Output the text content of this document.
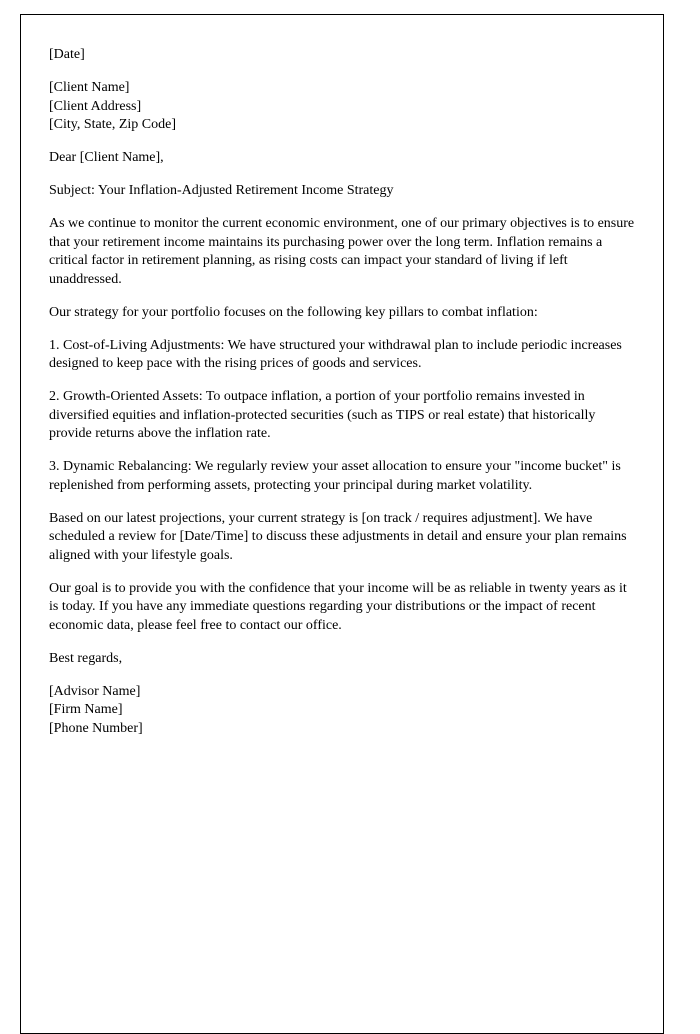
[Date]

[Client Name]

[Client Address]

[City, State, Zip Code]

Dear [Client Name],

Subject: Your Inflation-Adjusted Retirement Income Strategy

As we continue to monitor the current economic environment, one of our primary objectives is to ensure that your retirement income maintains its purchasing power over the long term. Inflation remains a critical factor in retirement planning, as rising costs can impact your standard of living if left unaddressed.

Our strategy for your portfolio focuses on the following key pillars to combat inflation:

1. Cost-of-Living Adjustments: We have structured your withdrawal plan to include periodic increases designed to keep pace with the rising prices of goods and services.

2. Growth-Oriented Assets: To outpace inflation, a portion of your portfolio remains invested in diversified equities and inflation-protected securities (such as TIPS or real estate) that historically provide returns above the inflation rate.

3. Dynamic Rebalancing: We regularly review your asset allocation to ensure your "income bucket" is replenished from performing assets, protecting your principal during market volatility.

Based on our latest projections, your current strategy is [on track / requires adjustment]. We have scheduled a review for [Date/Time] to discuss these adjustments in detail and ensure your plan remains aligned with your lifestyle goals.

Our goal is to provide you with the confidence that your income will be as reliable in twenty years as it is today. If you have any immediate questions regarding your distributions or the impact of recent economic data, please feel free to contact our office.

Best regards,

[Advisor Name]

[Firm Name]

[Phone Number]
